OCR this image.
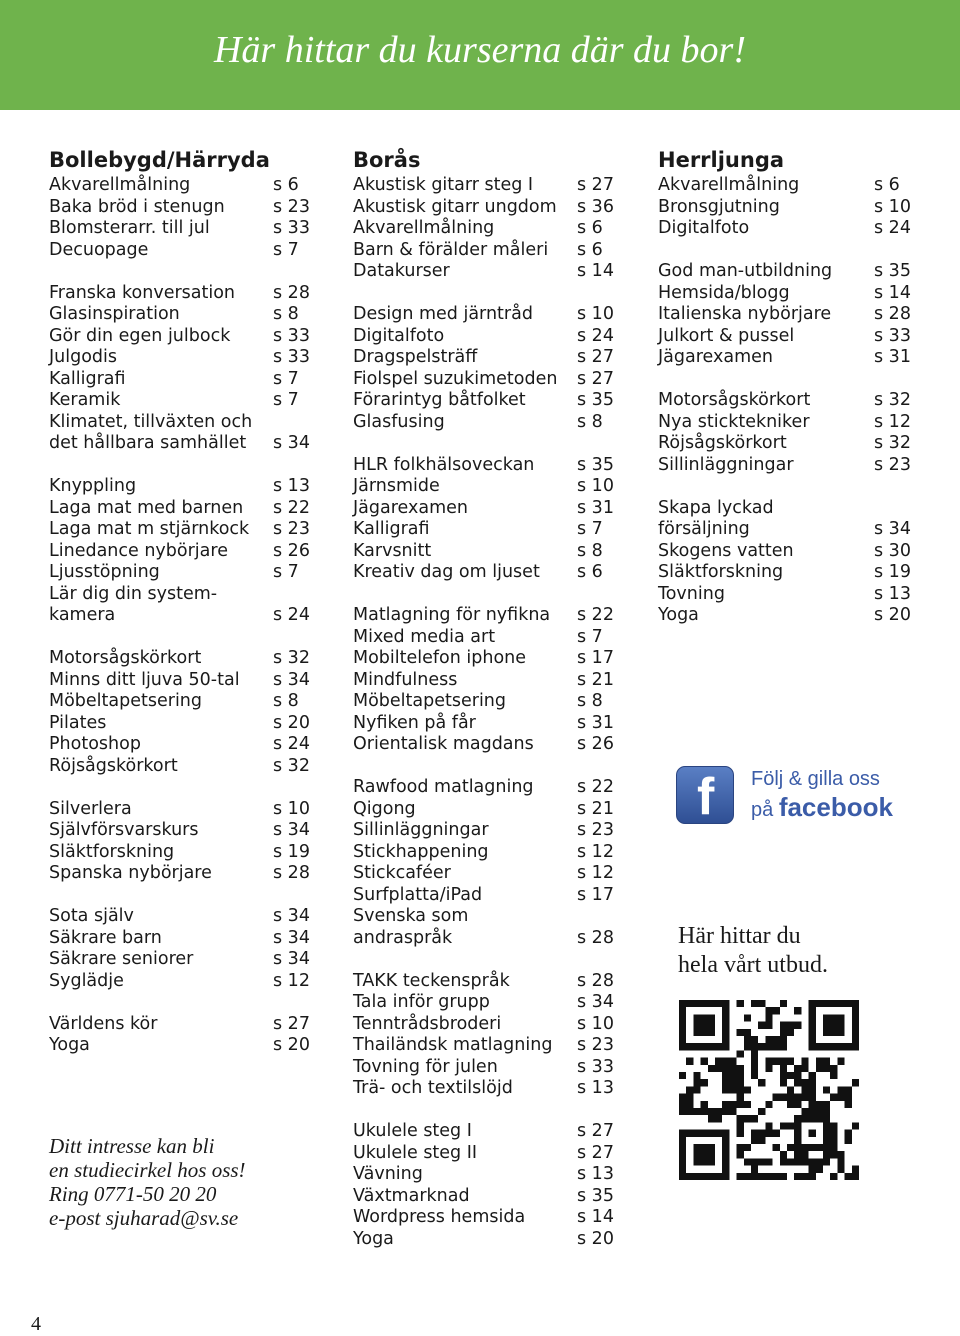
Här hittar du kurserna där du bor!
Bollebygd/Härryda
Akvarellmålning	s 6
Baka bröd i stenugn	s 23
Blomsterarr. till jul	s 33
Decuopage	s 7
Franska konversation s 28
Glasinspiration	s 8
Gör din egen julbock s 33
Julgodis	s 33
Kalligrafi	s 7
Keramik	s 7
Klimatet, tillväxten och
det hållbara samhället	s 34
Knyppling	s 13
Laga mat med barnen s 22
Laga mat m stjärnkock s 23
Linedance nybörjare	s 26
Ljusstöpning	s 7
Lär dig din system-
kamera	s 24
Motorsågskörkort	s 32
Minns ditt ljuva 50-tal s 34
Möbeltapetsering	s 8
Pilates	s 20
Photoshop	s 24
Röjsågskörkort	s 32
Silverlera	s 10
Självförsvarskurs	s 34
Släktforskning	s 19
Spanska nybörjare	s 28
Sota själv	s 34
Säkrare barn	s 34
Säkrare seniorer	s 34
Syglädje	s 12
Världens kör	s 27
Yoga	s 20
Borås
Akustisk gitarr steg I	s 27
Akustisk gitarr ungdom s 36
Akvarellmålning	s 6
Barn & förälder måleri s 6
Datakurser	s 14
Design med järntråd	s 10
Digitalfoto	s 24
Dragspelsträff	s 27
Fiolspel suzukimetoden s 27
Förarintyg båtfolket	s 35
Glasfusing	s 8
HLR folkhälsoveckan s 35
Järnsmide	s 10
Jägarexamen	s 31
Kalligrafi	s 7
Karvsnitt	s 8
Kreativ dag om ljuset s 6
Matlagning för nyfikna s 22
Mixed media art	s 7
Mobiltelefon iphone	s 17
Mindfulness	s 21
Möbeltapetsering	s 8
Nyfiken på får	s 31
Orientalisk magdans s 26
Rawfood matlagning s 22
Qigong	s 21
Sillinläggningar	s 23
Stickhappening	s 12
Stickcaféer	s 12
Surfplatta/iPad	s 17
Svenska som
andraspråk	s 28
TAKK teckenspråk	s 28
Tala inför grupp	s 34
Tenntrådsbroderi	s 10
Thailändsk matlagning s 23
Tovning för julen	s 33
Trä- och textilslöjd	s 13
Ukulele steg I	s 27
Ukulele steg II	s 27
Vävning	s 13
Växtmarknad	s 35
Wordpress hemsida	s 14
Yoga	s 20
Herrljunga
Akvarellmålning	s 6
Bronsgjutning	s 10
Digitalfoto	s 24
God man-utbildning s 35
Hemsida/blogg	s 14
Italienska nybörjare s 28
Julkort & pussel	s 33
Jägarexamen	s 31
Motorsågskörkort	s 32
Nya sticktekniker	s 12
Röjsågskörkort	s 32
Sillinläggningar	s 23
Skapa lyckad
försäljning	s 34
Skogens vatten	s 30
Släktforskning	s 19
Tovning	s 13
Yoga	s 20
Ditt intresse kan bli
en studiecirkel hos oss!
Ring 0771-50 20 20
e-post sjuharad@sv.se
f Följ & gilla oss
på facebook
Här hittar du
hela vårt utbud.
4
